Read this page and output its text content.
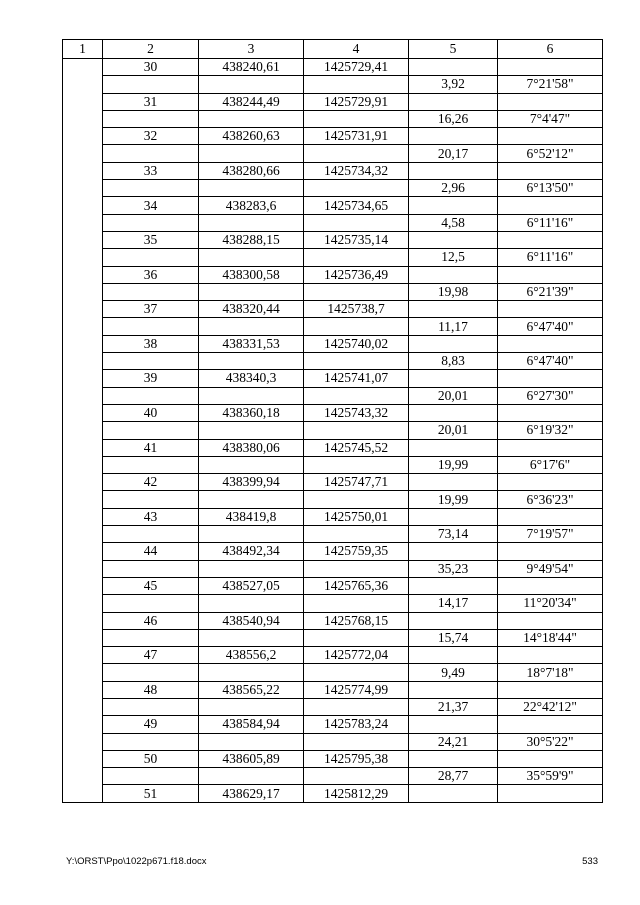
1	2	3	4	5	6
	30	438240,61	1425729,41		
				3,92	7°21'58"
	31	438244,49	1425729,91		
				16,26	7°4'47"
	32	438260,63	1425731,91		
				20,17	6°52'12"
	33	438280,66	1425734,32		
				2,96	6°13'50"
	34	438283,6	1425734,65		
				4,58	6°11'16"
	35	438288,15	1425735,14		
				12,5	6°11'16"
	36	438300,58	1425736,49		
				19,98	6°21'39"
	37	438320,44	1425738,7		
				11,17	6°47'40"
	38	438331,53	1425740,02		
				8,83	6°47'40"
	39	438340,3	1425741,07		
				20,01	6°27'30"
	40	438360,18	1425743,32		
				20,01	6°19'32"
	41	438380,06	1425745,52		
				19,99	6°17'6"
	42	438399,94	1425747,71		
				19,99	6°36'23"
	43	438419,8	1425750,01		
				73,14	7°19'57"
	44	438492,34	1425759,35		
				35,23	9°49'54"
	45	438527,05	1425765,36		
				14,17	11°20'34"
	46	438540,94	1425768,15		
				15,74	14°18'44"
	47	438556,2	1425772,04		
				9,49	18°7'18"
	48	438565,22	1425774,99		
				21,37	22°42'12"
	49	438584,94	1425783,24		
				24,21	30°5'22"
	50	438605,89	1425795,38		
				28,77	35°59'9"
	51	438629,17	1425812,29		
Y:\ORST\Ppo\1022p671.f18.docx	533
